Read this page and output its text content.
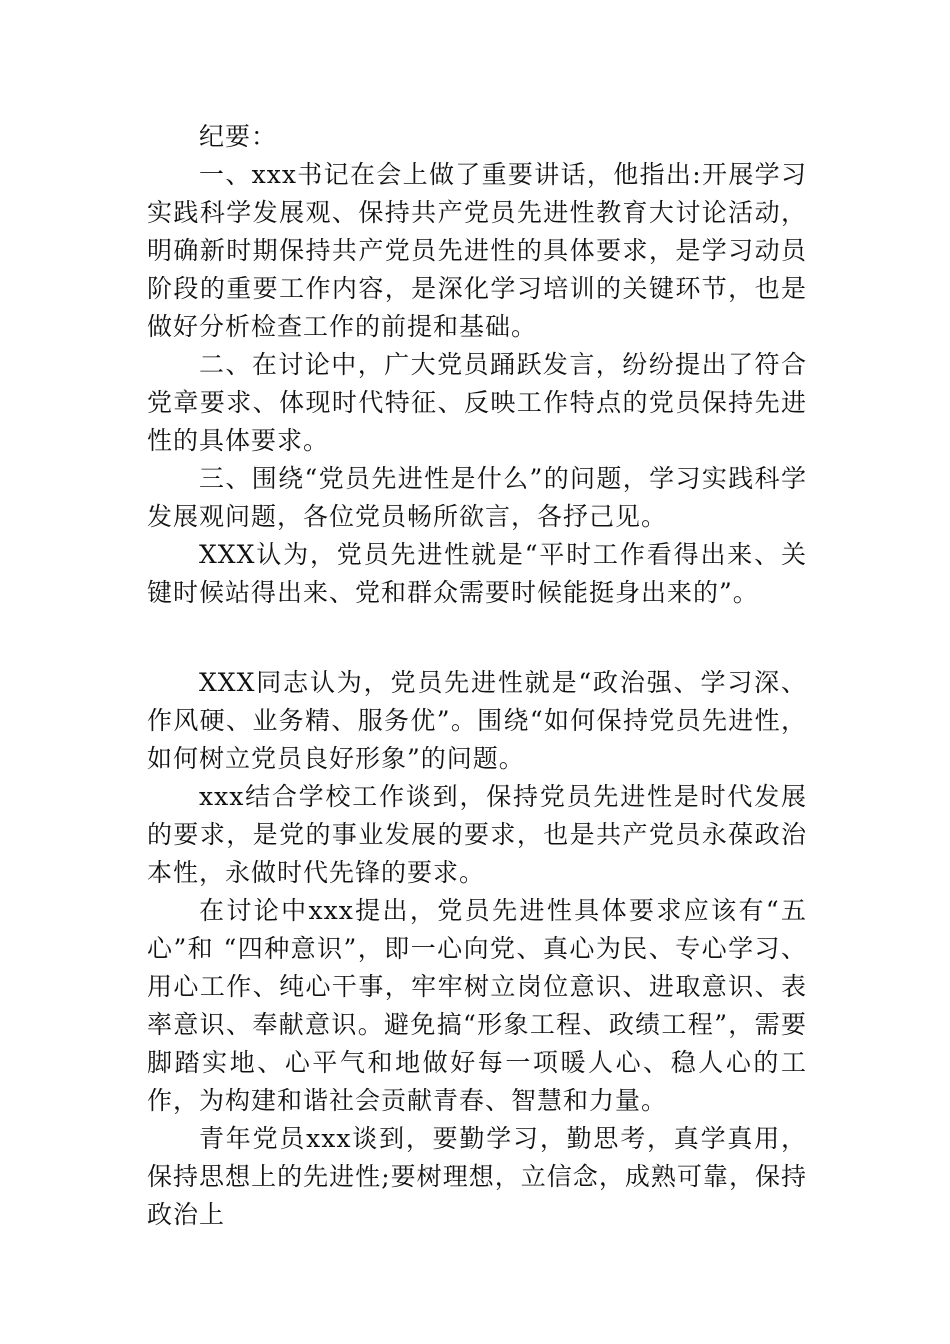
纪要：

一、xxx书记在会上做了重要讲话，他指出:开展学习实践科学发展观、保持共产党员先进性教育大讨论活动，明确新时期保持共产党员先进性的具体要求，是学习动员阶段的重要工作内容，是深化学习培训的关键环节，也是做好分析检查工作的前提和基础。

二、在讨论中，广大党员踊跃发言，纷纷提出了符合党章要求、体现时代特征、反映工作特点的党员保持先进性的具体要求。

三、围绕“党员先进性是什么”的问题，学习实践科学发展观问题，各位党员畅所欲言，各抒己见。

XXX认为，党员先进性就是“平时工作看得出来、关键时候站得出来、党和群众需要时候能挺身出来的”。

XXX同志认为，党员先进性就是“政治强、学习深、作风硬、业务精、服务优”。围绕“如何保持党员先进性，如何树立党员良好形象”的问题。

xxx结合学校工作谈到，保持党员先进性是时代发展的要求，是党的事业发展的要求，也是共产党员永葆政治本性，永做时代先锋的要求。

在讨论中xxx提出，党员先进性具体要求应该有“五心”和 “四种意识”，即一心向党、真心为民、专心学习、用心工作、纯心干事，牢牢树立岗位意识、进取意识、表率意识、奉献意识。避免搞“形象工程、政绩工程”，需要脚踏实地、心平气和地做好每一项暖人心、稳人心的工作，为构建和谐社会贡献青春、智慧和力量。

青年党员xxx谈到，要勤学习，勤思考，真学真用，保持思想上的先进性;要树理想，立信念，成熟可靠，保持政治上
